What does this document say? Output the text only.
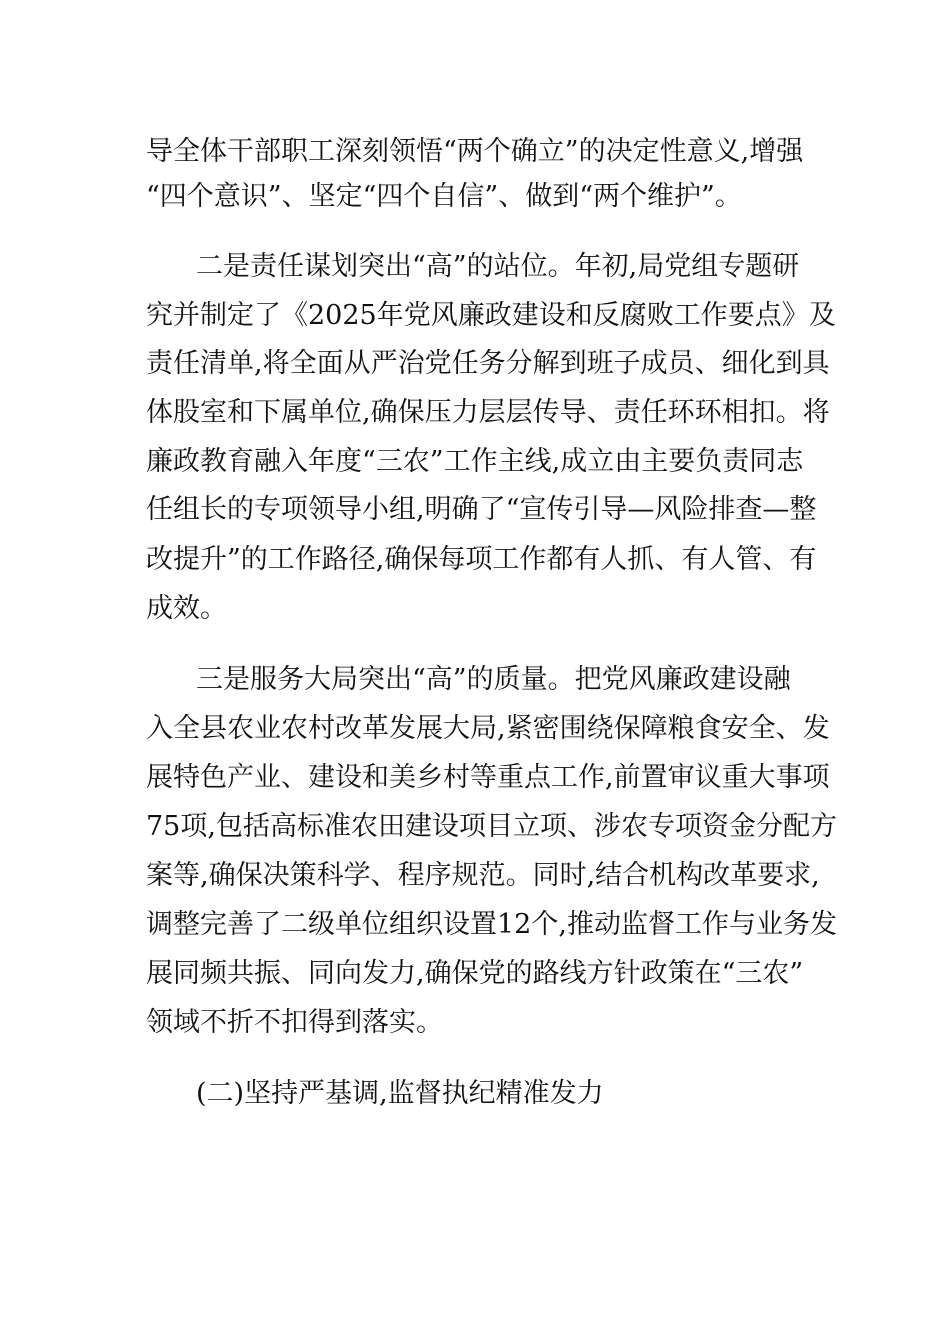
导全体干部职工深刻领悟“两个确立”的决定性意义,增强
“四个意识”、坚定“四个自信”、做到“两个维护”。
二是责任谋划突出“高”的站位。年初,局党组专题研
究并制定了《2025年党风廉政建设和反腐败工作要点》及
责任清单,将全面从严治党任务分解到班子成员、细化到具
体股室和下属单位,确保压力层层传导、责任环环相扣。将
廉政教育融入年度“三农”工作主线,成立由主要负责同志
任组长的专项领导小组,明确了“宣传引导—风险排查—整
改提升”的工作路径,确保每项工作都有人抓、有人管、有
成效。
三是服务大局突出“高”的质量。把党风廉政建设融
入全县农业农村改革发展大局,紧密围绕保障粮食安全、发
展特色产业、建设和美乡村等重点工作,前置审议重大事项
75项,包括高标准农田建设项目立项、涉农专项资金分配方
案等,确保决策科学、程序规范。同时,结合机构改革要求,
调整完善了二级单位组织设置12个,推动监督工作与业务发
展同频共振、同向发力,确保党的路线方针政策在“三农”
领域不折不扣得到落实。
(二)坚持严基调,监督执纪精准发力
